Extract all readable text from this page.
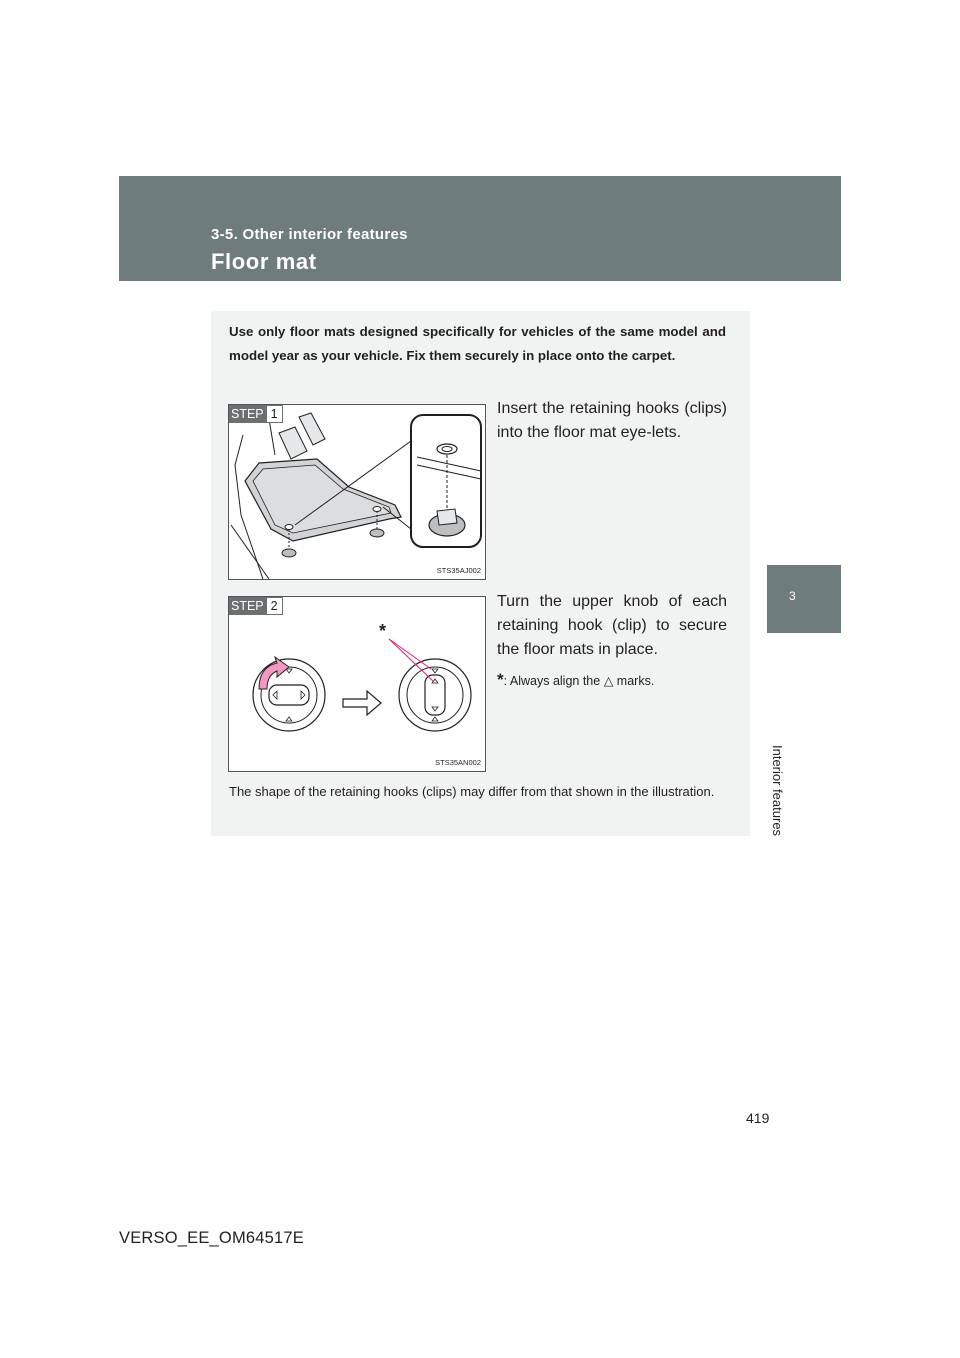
3-5. Other interior features
Floor mat
3
Interior features
Use only floor mats designed specifically for vehicles of the same model and model year as your vehicle. Fix them securely in place onto the carpet.
STEP 1
STS35AJ002
Insert the retaining hooks (clips) into the floor mat eye-lets.
STEP 2
*
STS35AN002
Turn the upper knob of each retaining hook (clip) to secure the floor mats in place.
*: Always align the △ marks.
The shape of the retaining hooks (clips) may differ from that shown in the illustration.
419
VERSO_EE_OM64517E
